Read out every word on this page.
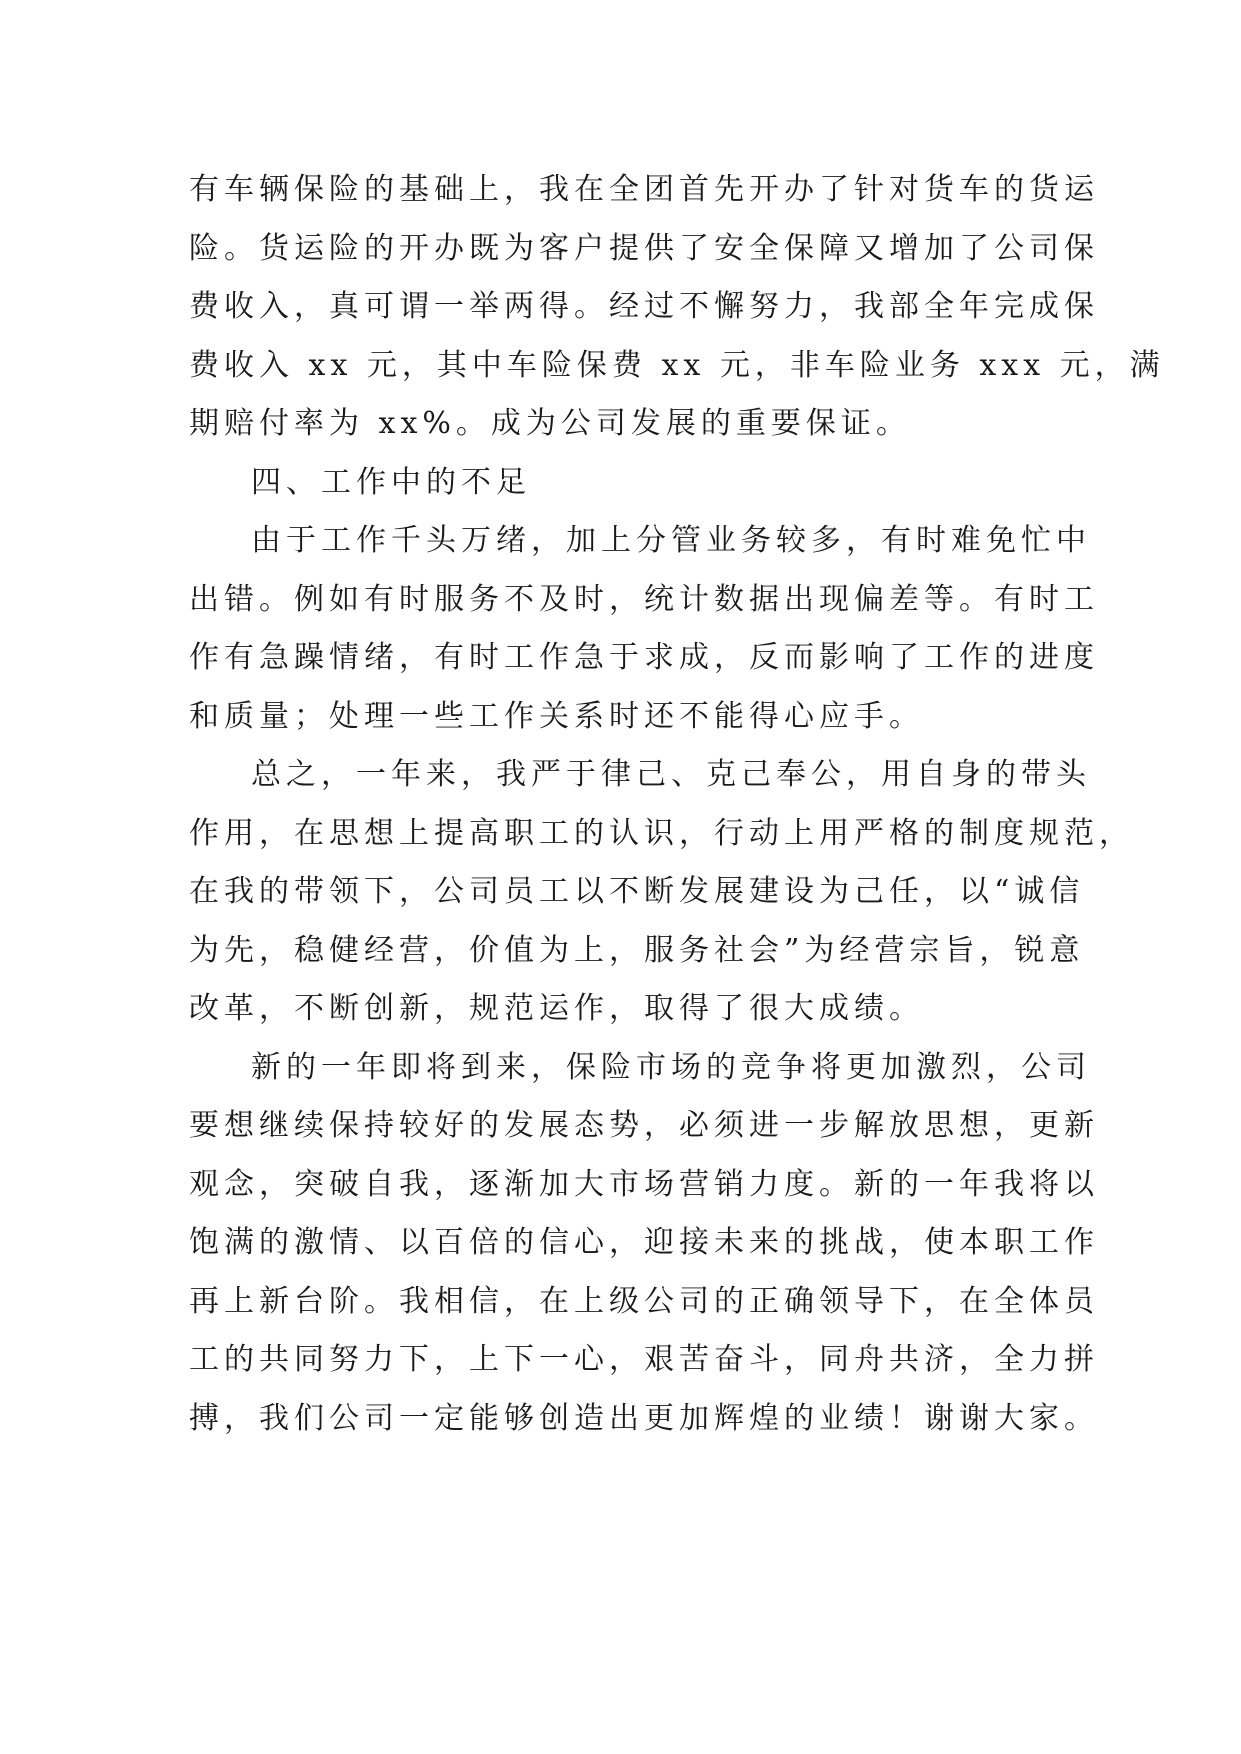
有车辆保险的基础上，我在全团首先开办了针对货车的货运
险。货运险的开办既为客户提供了安全保障又增加了公司保
费收入，真可谓一举两得。经过不懈努力，我部全年完成保
费收入 xx 元，其中车险保费 xx 元，非车险业务 xxx 元，满
期赔付率为 xx%。成为公司发展的重要保证。
四、工作中的不足
由于工作千头万绪，加上分管业务较多，有时难免忙中
出错。例如有时服务不及时，统计数据出现偏差等。有时工
作有急躁情绪，有时工作急于求成，反而影响了工作的进度
和质量；处理一些工作关系时还不能得心应手。
总之，一年来，我严于律己、克己奉公，用自身的带头
作用，在思想上提高职工的认识，行动上用严格的制度规范，
在我的带领下，公司员工以不断发展建设为己任，以“诚信
为先，稳健经营，价值为上，服务社会”为经营宗旨，锐意
改革，不断创新，规范运作，取得了很大成绩。
新的一年即将到来，保险市场的竞争将更加激烈，公司
要想继续保持较好的发展态势，必须进一步解放思想，更新
观念，突破自我，逐渐加大市场营销力度。新的一年我将以
饱满的激情、以百倍的信心，迎接未来的挑战，使本职工作
再上新台阶。我相信，在上级公司的正确领导下，在全体员
工的共同努力下，上下一心，艰苦奋斗，同舟共济，全力拼
搏，我们公司一定能够创造出更加辉煌的业绩！谢谢大家。
